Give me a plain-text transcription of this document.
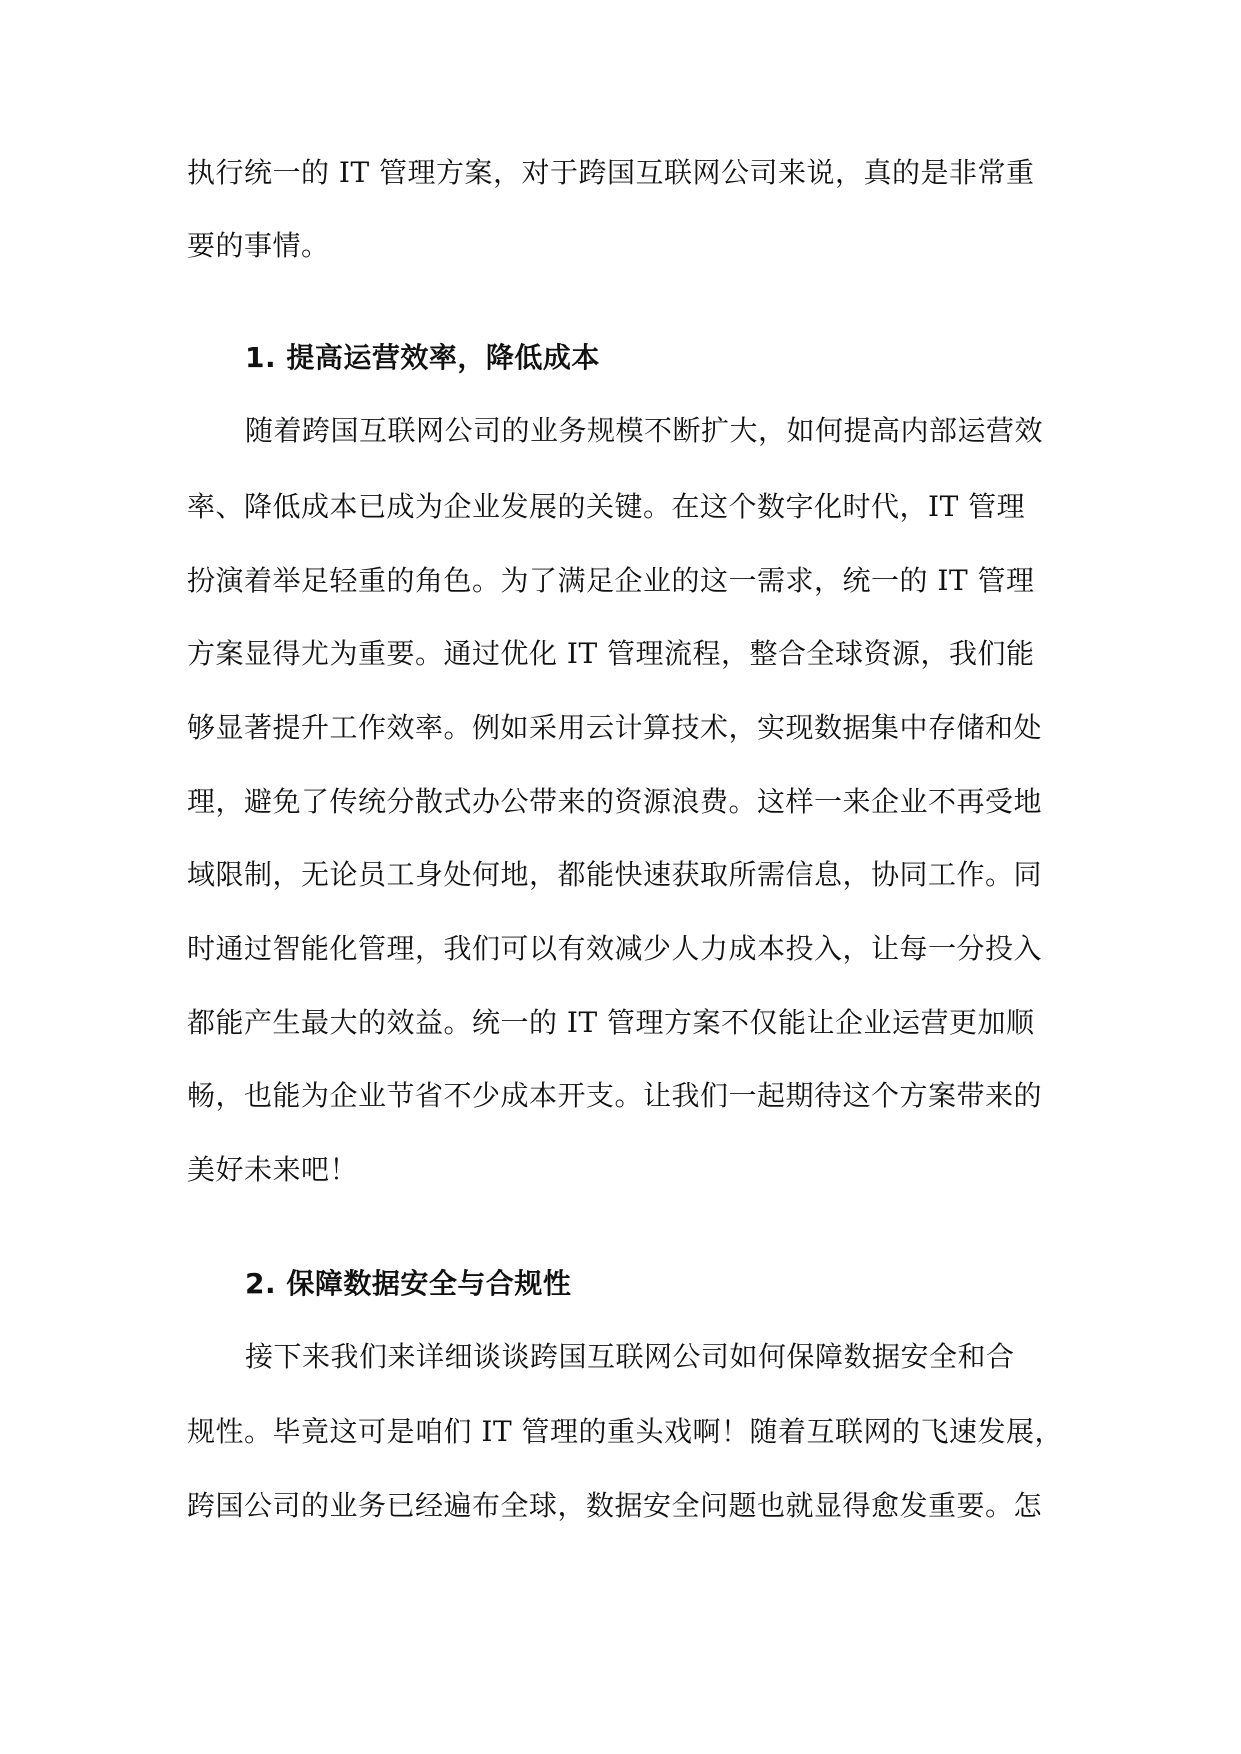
执行统一的 IT 管理方案，对于跨国互联网公司来说，真的是非常重
要的事情。
1. 提高运营效率，降低成本
随着跨国互联网公司的业务规模不断扩大，如何提高内部运营效
率、降低成本已成为企业发展的关键。在这个数字化时代，IT 管理
扮演着举足轻重的角色。为了满足企业的这一需求，统一的 IT 管理
方案显得尤为重要。通过优化 IT 管理流程，整合全球资源，我们能
够显著提升工作效率。例如采用云计算技术，实现数据集中存储和处
理，避免了传统分散式办公带来的资源浪费。这样一来企业不再受地
域限制，无论员工身处何地，都能快速获取所需信息，协同工作。同
时通过智能化管理，我们可以有效减少人力成本投入，让每一分投入
都能产生最大的效益。统一的 IT 管理方案不仅能让企业运营更加顺
畅，也能为企业节省不少成本开支。让我们一起期待这个方案带来的
美好未来吧！
2. 保障数据安全与合规性
接下来我们来详细谈谈跨国互联网公司如何保障数据安全和合
规性。毕竟这可是咱们 IT 管理的重头戏啊！随着互联网的飞速发展，
跨国公司的业务已经遍布全球，数据安全问题也就显得愈发重要。怎
